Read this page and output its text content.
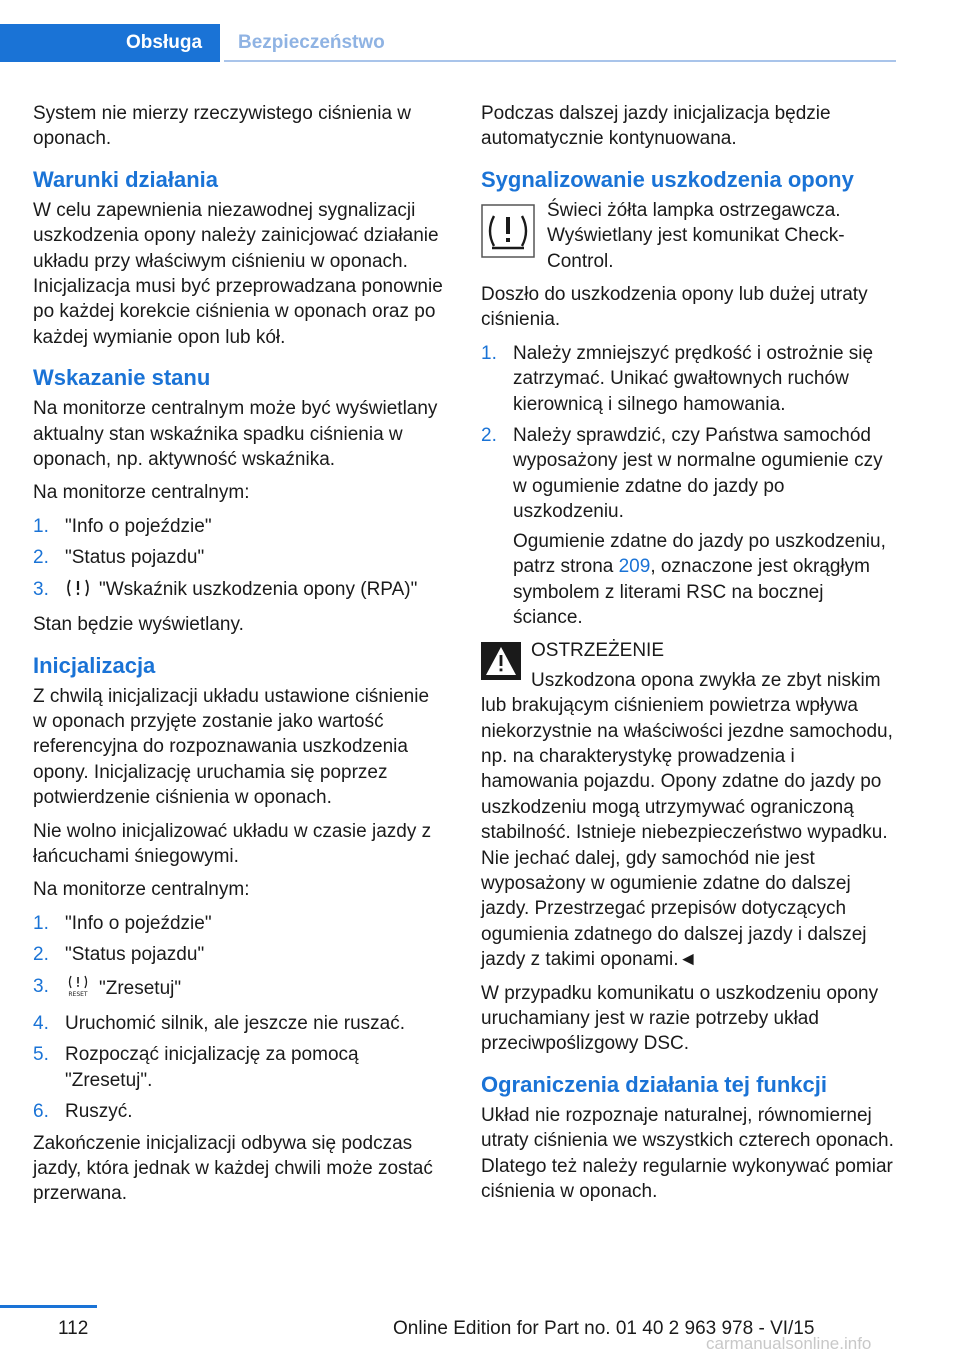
Obsługa	Bezpieczeństwo

System nie mierzy rzeczywistego ciśnienia w oponach.

Warunki działania

W celu zapewnienia niezawodnej sygnalizacji uszkodzenia opony należy zainicjować działanie układu przy właściwym ciśnieniu w oponach. Inicjalizacja musi być przeprowadzana ponownie po każdej korekcie ciśnienia w oponach oraz po każdej wymianie opon lub kół.

Wskazanie stanu

Na monitorze centralnym może być wyświetlany aktualny stan wskaźnika spadku ciśnienia w oponach, np. aktywność wskaźnika.

Na monitorze centralnym:

1. "Info o pojeździe"
2. "Status pojazdu"
3.	"Wskaźnik uszkodzenia opony (RPA)"

Stan będzie wyświetlany.

Inicjalizacja

Z chwilą inicjalizacji układu ustawione ciśnienie w oponach przyjęte zostanie jako wartość referencyjna do rozpoznawania uszkodzenia opony. Inicjalizację uruchamia się poprzez potwierdzenie ciśnienia w oponach.

Nie wolno inicjalizować układu w czasie jazdy z łańcuchami śniegowymi.

Na monitorze centralnym:

1. "Info o pojeździe"
2. "Status pojazdu"
3.	RESET "Zresetuj"
4. Uruchomić silnik, ale jeszcze nie ruszać.
5. Rozpocząć inicjalizację za pomocą "Zresetuj".
6. Ruszyć.

Zakończenie inicjalizacji odbywa się podczas jazdy, która jednak w każdej chwili może zostać przerwana.

Podczas dalszej jazdy inicjalizacja będzie automatycznie kontynuowana.

Sygnalizowanie uszkodzenia opony
Świeci żółta lampka ostrzegawcza. Wyświetlany jest komunikat Check-Control.

Doszło do uszkodzenia opony lub dużej utraty ciśnienia.

1. Należy zmniejszyć prędkość i ostrożnie się zatrzymać. Unikać gwałtownych ruchów kierownicą i silnego hamowania.
2. Należy sprawdzić, czy Państwa samochód wyposażony jest w normalne ogumienie czy w ogumienie zdatne do jazdy po uszkodzeniu.

Ogumienie zdatne do jazdy po uszkodzeniu, patrz strona 209, oznaczone jest okrągłym symbolem z literami RSC na bocznej ściance.

OSTRZEŻENIE
Uszkodzona opona zwykła ze zbyt niskim

lub brakującym ciśnieniem powietrza wpływa niekorzystnie na właściwości jezdne samochodu, np. na charakterystykę prowadzenia i hamowania pojazdu. Opony zdatne do jazdy po uszkodzeniu mogą utrzymywać ograniczoną stabilność. Istnieje niebezpieczeństwo wypadku. Nie jechać dalej, gdy samochód nie jest wyposażony w ogumienie zdatne do dalszej jazdy. Przestrzegać przepisów dotyczących ogumienia zdatnego do dalszej jazdy i dalszej jazdy z takimi oponami.◄

W przypadku komunikatu o uszkodzeniu opony uruchamiany jest w razie potrzeby układ przeciwpoślizgowy DSC.

Ograniczenia działania tej funkcji

Układ nie rozpoznaje naturalnej, równomiernej utraty ciśnienia we wszystkich czterech oponach. Dlatego też należy regularnie wykonywać pomiar ciśnienia w oponach.

112	Online Edition for Part no. 01 40 2 963 978 - VI/15
carmanualsonline.info
